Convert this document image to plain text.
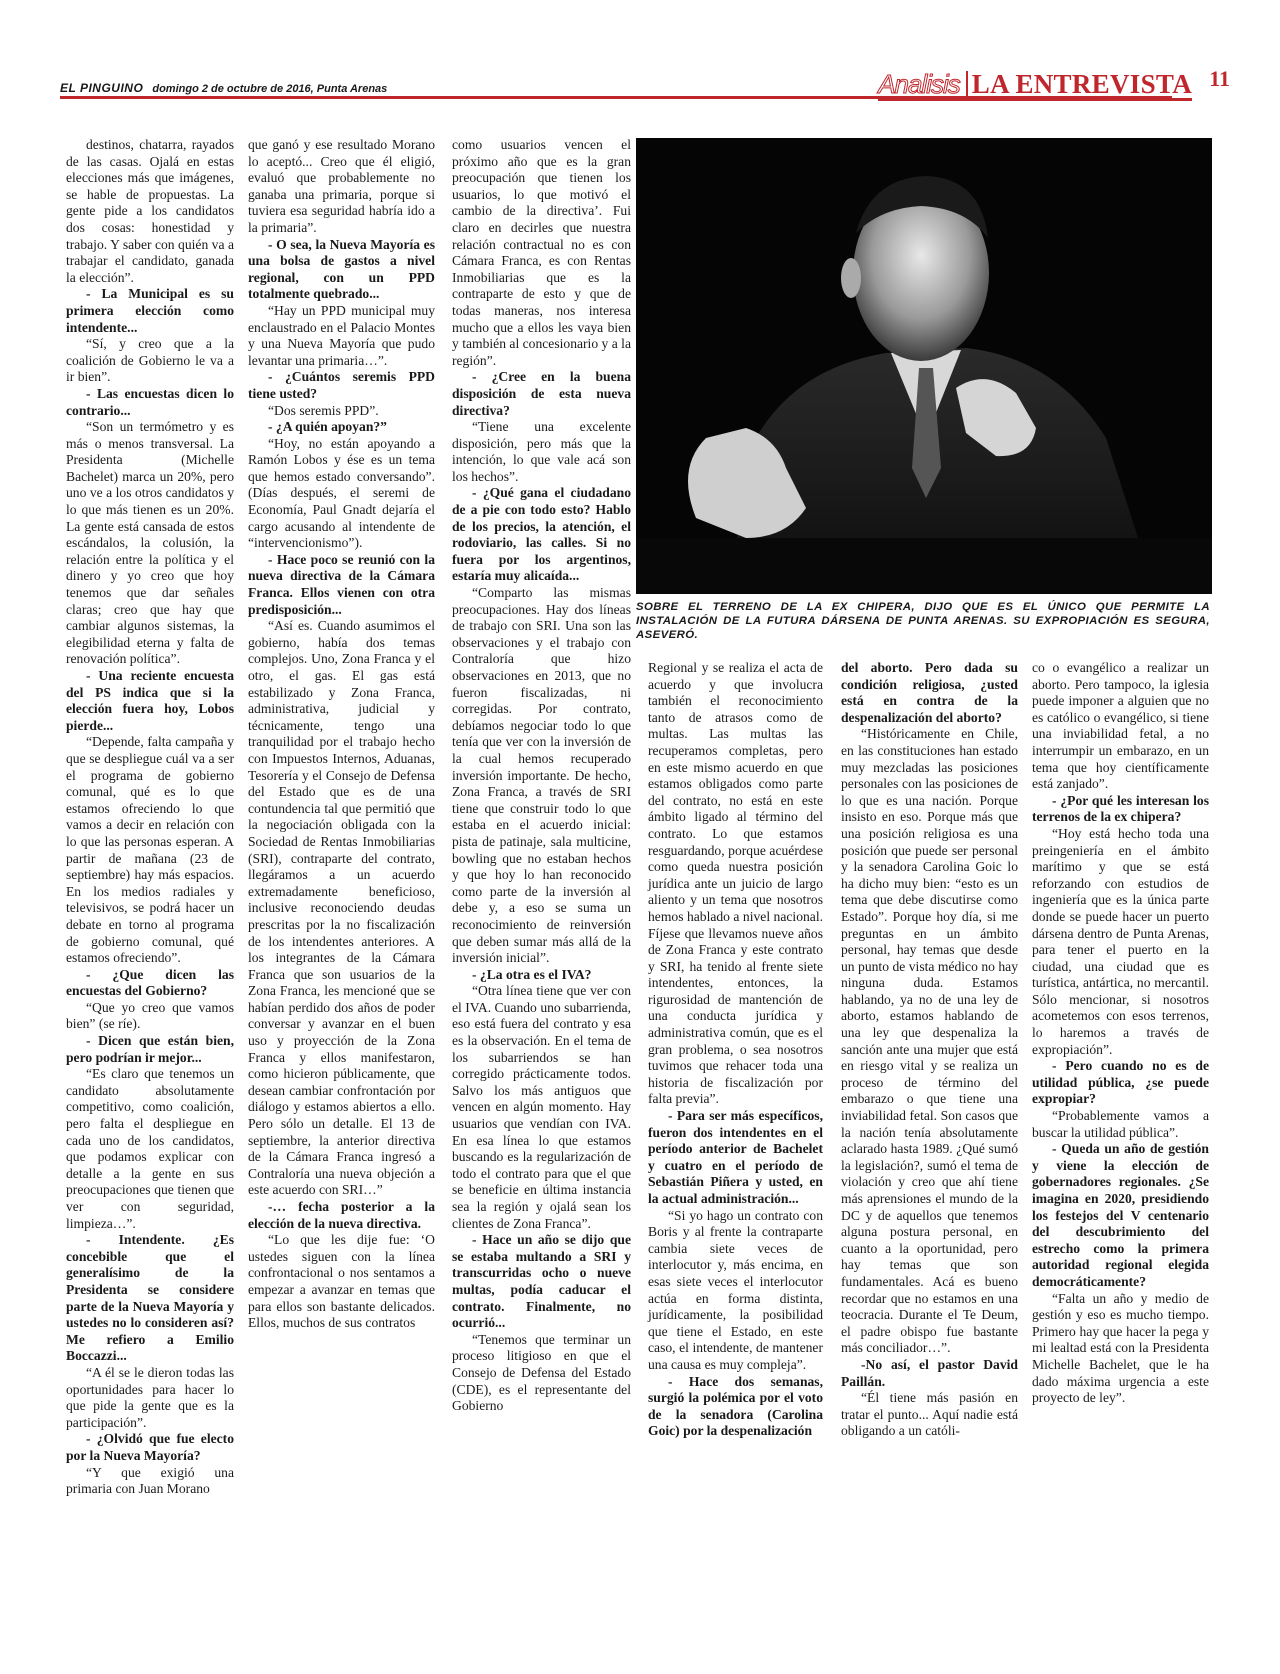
EL PINGUINO domingo 2 de octubre de 2016, Punta Arenas	Analisis LA ENTREVISTA 11

destinos, chatarra, rayados de las casas. Ojalá en estas elecciones más que imágenes, se hable de propuestas. La gente pide a los candidatos dos cosas: honestidad y trabajo. Y saber con quién va a trabajar el candidato, ganada la elección”.

- La Municipal es su primera elección como intendente...

“Sí, y creo que a la coalición de Gobierno le va a ir bien”.

- Las encuestas dicen lo contrario...

“Son un termómetro y es más o menos transversal. La Presidenta (Michelle Bachelet) marca un 20%, pero uno ve a los otros candidatos y lo que más tienen es un 20%. La gente está cansada de estos escándalos, la colusión, la relación entre la política y el dinero y yo creo que hoy tenemos que dar señales claras; creo que hay que cambiar algunos sistemas, la elegibilidad eterna y falta de renovación política”.

- Una reciente encuesta del PS indica que si la elección fuera hoy, Lobos pierde...

“Depende, falta campaña y que se despliegue cuál va a ser el programa de gobierno comunal, qué es lo que estamos ofreciendo lo que vamos a decir en relación con lo que las personas esperan. A partir de mañana (23 de septiembre) hay más espacios. En los medios radiales y televisivos, se podrá hacer un debate en torno al programa de gobierno comunal, qué estamos ofreciendo”.

- ¿Que dicen las encuestas del Gobierno?

“Que yo creo que vamos bien” (se ríe).

- Dicen que están bien, pero podrían ir mejor...

“Es claro que tenemos un candidato absolutamente competitivo, como coalición, pero falta el despliegue en cada uno de los candidatos, que podamos explicar con detalle a la gente en sus preocupaciones que tienen que ver con seguridad, limpieza…”.

- Intendente. ¿Es concebible que el generalísimo de la Presidenta se considere parte de la Nueva Mayoría y ustedes no lo consideren así? Me refiero a Emilio Boccazzi...

“A él se le dieron todas las oportunidades para hacer lo que pide la gente que es la participación”.

- ¿Olvidó que fue electo por la Nueva Mayoría?

“Y que exigió una primaria con Juan Morano

que ganó y ese resultado Morano lo aceptó... Creo que él eligió, evaluó que probablemente no ganaba una primaria, porque si tuviera esa seguridad habría ido a la primaria”.

- O sea, la Nueva Mayoría es una bolsa de gastos a nivel regional, con un PPD totalmente quebrado...

“Hay un PPD municipal muy enclaustrado en el Palacio Montes y una Nueva Mayoría que pudo levantar una primaria…”.

- ¿Cuántos seremis PPD tiene usted?

“Dos seremis PPD”.

- ¿A quién apoyan?”

“Hoy, no están apoyando a Ramón Lobos y ése es un tema que hemos estado conversando”. (Días después, el seremi de Economía, Paul Gnadt dejaría el cargo acusando al intendente de “intervencionismo”).

- Hace poco se reunió con la nueva directiva de la Cámara Franca. Ellos vienen con otra predisposición...

“Así es. Cuando asumimos el gobierno, había dos temas complejos. Uno, Zona Franca y el otro, el gas. El gas está estabilizado y Zona Franca, administrativa, judicial y técnicamente, tengo una tranquilidad por el trabajo hecho con Impuestos Internos, Aduanas, Tesorería y el Consejo de Defensa del Estado que es de una contundencia tal que permitió que la negociación obligada con la Sociedad de Rentas Inmobiliarias (SRI), contraparte del contrato, llegáramos a un acuerdo extremadamente beneficioso, inclusive reconociendo deudas prescritas por la no fiscalización de los intendentes anteriores. A los integrantes de la Cámara Franca que son usuarios de la Zona Franca, les mencioné que se habían perdido dos años de poder conversar y avanzar en el buen uso y proyección de la Zona Franca y ellos manifestaron, como hicieron públicamente, que desean cambiar confrontación por diálogo y estamos abiertos a ello. Pero sólo un detalle. El 13 de septiembre, la anterior directiva de la Cámara Franca ingresó a Contraloría una nueva objeción a este acuerdo con SRI…”

-… fecha posterior a la elección de la nueva directiva.

“Lo que les dije fue: ‘O ustedes siguen con la línea confrontacional o nos sentamos a empezar a avanzar en temas que para ellos son bastante delicados. Ellos, muchos de sus contratos

como usuarios vencen el próximo año que es la gran preocupación que tienen los usuarios, lo que motivó el cambio de la directiva’. Fui claro en decirles que nuestra relación contractual no es con Cámara Franca, es con Rentas Inmobiliarias que es la contraparte de esto y que de todas maneras, nos interesa mucho que a ellos les vaya bien y también al concesionario y a la región”.

- ¿Cree en la buena disposición de esta nueva directiva?

“Tiene una excelente disposición, pero más que la intención, lo que vale acá son los hechos”.

- ¿Qué gana el ciudadano de a pie con todo esto? Hablo de los precios, la atención, el rodoviario, las calles. Si no fuera por los argentinos, estaría muy alicaída...

“Comparto las mismas preocupaciones. Hay dos líneas de trabajo con SRI. Una son las observaciones y el trabajo con Contraloría que hizo observaciones en 2013, que no fueron fiscalizadas, ni corregidas. Por contrato, debíamos negociar todo lo que tenía que ver con la inversión de la cual hemos recuperado inversión importante. De hecho, Zona Franca, a través de SRI tiene que construir todo lo que estaba en el acuerdo inicial: pista de patinaje, sala multicine, bowling que no estaban hechos y que hoy lo han reconocido como parte de la inversión al debe y, a eso se suma un reconocimiento de reinversión que deben sumar más allá de la inversión inicial”.

- ¿La otra es el IVA?

“Otra línea tiene que ver con el IVA. Cuando uno subarrienda, eso está fuera del contrato y esa es la observación. En el tema de los subarriendos se han corregido prácticamente todos. Salvo los más antiguos que vencen en algún momento. Hay usuarios que vendían con IVA. En esa línea lo que estamos buscando es la regularización de todo el contrato para que el que se beneficie en última instancia sea la región y ojalá sean los clientes de Zona Franca”.

- Hace un año se dijo que se estaba multando a SRI y transcurridas ocho o nueve multas, podía caducar el contrato. Finalmente, no ocurrió...

“Tenemos que terminar un proceso litigioso en que el Consejo de Defensa del Estado (CDE), es el representante del Gobierno

SOBRE EL TERRENO DE LA EX CHIPERA, DIJO QUE ES EL ÚNICO QUE PERMITE LA INSTALACIÓN DE LA FUTURA DÁRSENA DE PUNTA ARENAS. SU EXPROPIACIÓN ES SEGURA, ASEVERÓ.

Regional y se realiza el acta de acuerdo y que involucra también el reconocimiento tanto de atrasos como de multas. Las multas las recuperamos completas, pero en este mismo acuerdo en que estamos obligados como parte del contrato, no está en este ámbito ligado al término del contrato. Lo que estamos resguardando, porque acuérdese como queda nuestra posición jurídica ante un juicio de largo aliento y un tema que nosotros hemos hablado a nivel nacional. Fíjese que llevamos nueve años de Zona Franca y este contrato y SRI, ha tenido al frente siete intendentes, entonces, la rigurosidad de mantención de una conducta jurídica y administrativa común, que es el gran problema, o sea nosotros tuvimos que rehacer toda una historia de fiscalización por falta previa”.

- Para ser más específicos, fueron dos intendentes en el período anterior de Bachelet y cuatro en el período de Sebastián Piñera y usted, en la actual administración...

“Si yo hago un contrato con Boris y al frente la contraparte cambia siete veces de interlocutor y, más encima, en esas siete veces el interlocutor actúa en forma distinta, jurídicamente, la posibilidad que tiene el Estado, en este caso, el intendente, de mantener una causa es muy compleja”.

- Hace dos semanas, surgió la polémica por el voto de la senadora (Carolina Goic) por la despenalización

del aborto. Pero dada su condición religiosa, ¿usted está en contra de la despenalización del aborto?

“Históricamente en Chile, en las constituciones han estado muy mezcladas las posiciones personales con las posiciones de lo que es una nación. Porque insisto en eso. Porque más que una posición religiosa es una posición que puede ser personal y la senadora Carolina Goic lo ha dicho muy bien: “esto es un tema que debe discutirse como Estado”. Porque hoy día, si me preguntas en un ámbito personal, hay temas que desde un punto de vista médico no hay ninguna duda. Estamos hablando, ya no de una ley de aborto, estamos hablando de una ley que despenaliza la sanción ante una mujer que está en riesgo vital y se realiza un proceso de término del embarazo o que tiene una inviabilidad fetal. Son casos que la nación tenía absolutamente aclarado hasta 1989. ¿Qué sumó la legislación?, sumó el tema de violación y creo que ahí tiene más aprensiones el mundo de la DC y de aquellos que tenemos alguna postura personal, en cuanto a la oportunidad, pero hay temas que son fundamentales. Acá es bueno recordar que no estamos en una teocracia. Durante el Te Deum, el padre obispo fue bastante más conciliador…”.

-No así, el pastor David Paillán.

“Él tiene más pasión en tratar el punto... Aquí nadie está obligando a un católi-

co o evangélico a realizar un aborto. Pero tampoco, la iglesia puede imponer a alguien que no es católico o evangélico, si tiene una inviabilidad fetal, a no interrumpir un embarazo, en un tema que hoy científicamente está zanjado”.

- ¿Por qué les interesan los terrenos de la ex chipera?

“Hoy está hecho toda una preingeniería en el ámbito marítimo y que se está reforzando con estudios de ingeniería que es la única parte donde se puede hacer un puerto dársena dentro de Punta Arenas, para tener el puerto en la ciudad, una ciudad que es turística, antártica, no mercantil. Sólo mencionar, si nosotros acometemos con esos terrenos, lo haremos a través de expropiación”.

- Pero cuando no es de utilidad pública, ¿se puede expropiar?

“Probablemente vamos a buscar la utilidad pública”.

- Queda un año de gestión y viene la elección de gobernadores regionales. ¿Se imagina en 2020, presidiendo los festejos del V centenario del descubrimiento del estrecho como la primera autoridad regional elegida democráticamente?

“Falta un año y medio de gestión y eso es mucho tiempo. Primero hay que hacer la pega y mi lealtad está con la Presidenta Michelle Bachelet, que le ha dado máxima urgencia a este proyecto de ley”.
